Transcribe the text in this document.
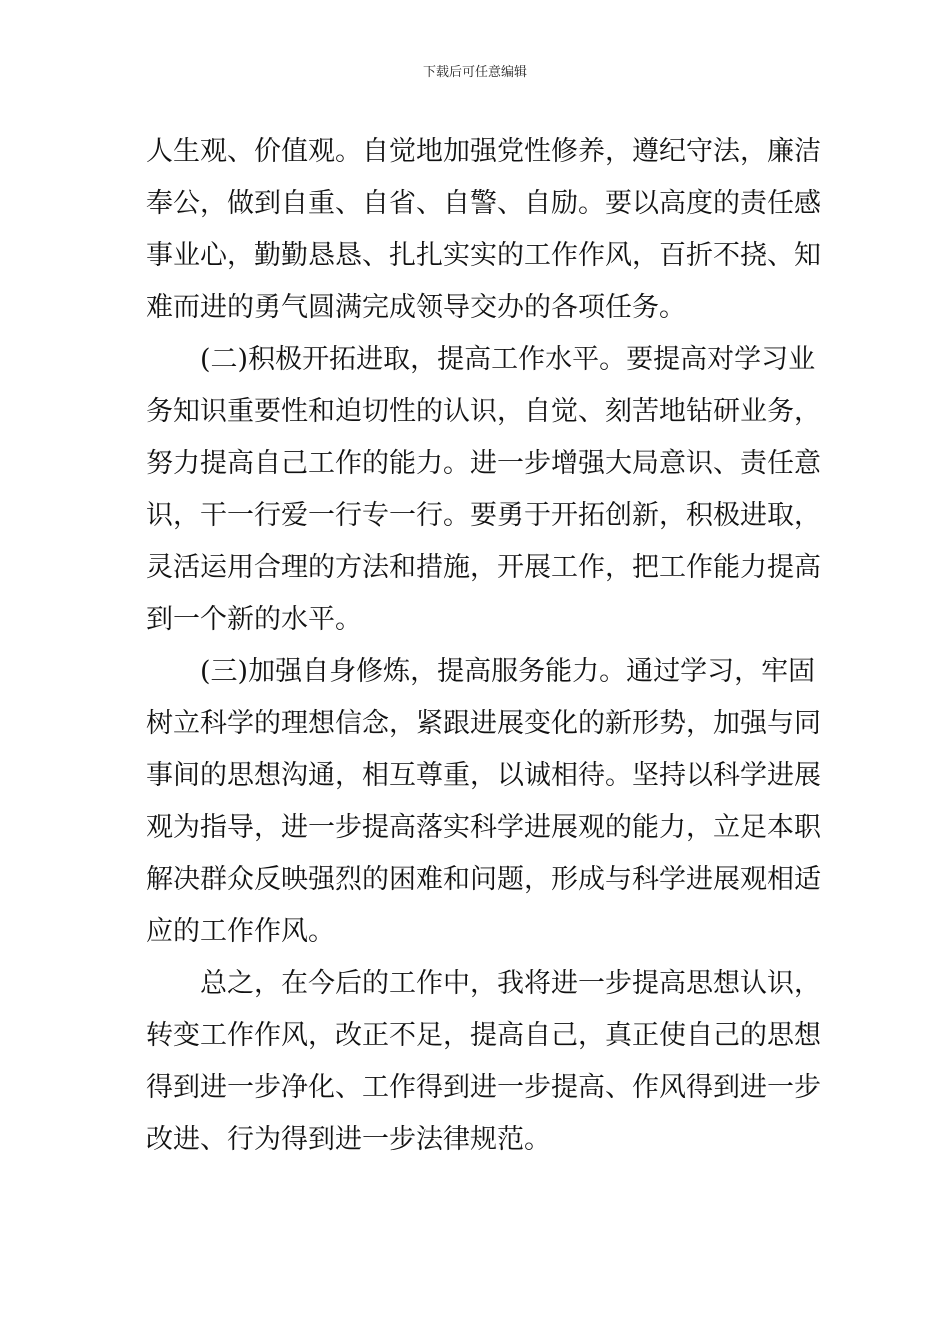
下载后可任意编辑
人生观、价值观。自觉地加强党性修养，遵纪守法，廉洁
奉公，做到自重、自省、自警、自励。要以高度的责任感
事业心，勤勤恳恳、扎扎实实的工作作风，百折不挠、知
难而进的勇气圆满完成领导交办的各项任务。
(二)积极开拓进取，提高工作水平。要提高对学习业
务知识重要性和迫切性的认识，自觉、刻苦地钻研业务，
努力提高自己工作的能力。进一步增强大局意识、责任意
识，干一行爱一行专一行。要勇于开拓创新，积极进取，
灵活运用合理的方法和措施，开展工作，把工作能力提高
到一个新的水平。
(三)加强自身修炼，提高服务能力。通过学习，牢固
树立科学的理想信念，紧跟进展变化的新形势，加强与同
事间的思想沟通，相互尊重，以诚相待。坚持以科学进展
观为指导，进一步提高落实科学进展观的能力，立足本职
解决群众反映强烈的困难和问题，形成与科学进展观相适
应的工作作风。
总之，在今后的工作中，我将进一步提高思想认识，
转变工作作风，改正不足，提高自己，真正使自己的思想
得到进一步净化、工作得到进一步提高、作风得到进一步
改进、行为得到进一步法律规范。
